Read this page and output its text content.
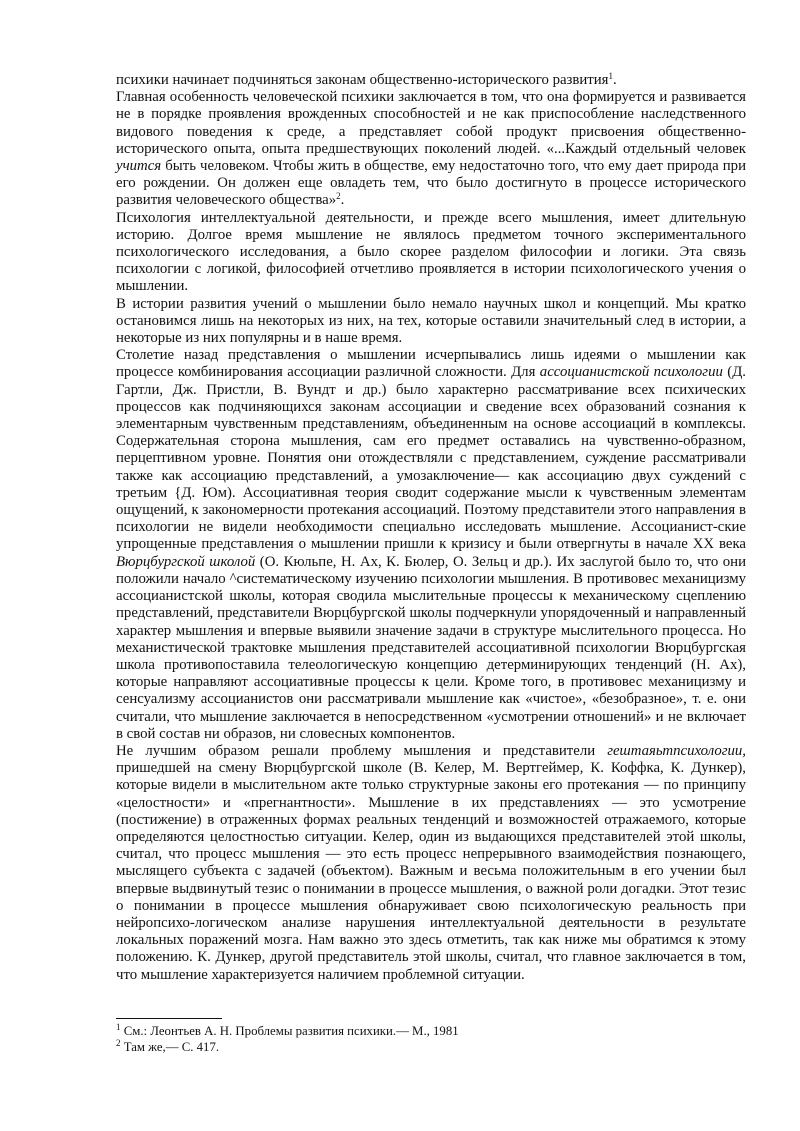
психики начинает подчиняться законам общественно-исторического развития$^1$.

Главная особенность человеческой психики заключается в том, что она формируется и развивается не в порядке проявления врожденных способностей и не как приспособление наследственного видового поведения к среде, а представляет собой продукт присвоения общественно-исторического опыта, опыта предшествующих поколений людей. «...Каждый отдельный человек учится быть человеком. Чтобы жить в обществе, ему недостаточно того, что ему дает природа при его рождении. Он должен еще овладеть тем, что было достигнуто в процессе исторического развития человеческого общества»$^2$.

Психология интеллектуальной деятельности, и прежде всего мышления, имеет длительную историю. Долгое время мышление не являлось предметом точного экспериментального психологического исследования, а было скорее разделом философии и логики. Эта связь психологии с логикой, философией отчетливо проявляется в истории психологического учения о мышлении.

В истории развития учений о мышлении было немало научных школ и концепций. Мы кратко остановимся лишь на некоторых из них, на тех, которые оставили значительный след в истории, а некоторые из них популярны и в наше время.

Столетие назад представления о мышлении исчерпывались лишь идеями о мышлении как процессе комбинирования ассоциации различной сложности. Для ассоцианистской психологии (Д. Гартли, Дж. Пристли, В. Вундт и др.) было характерно рассматривание всех психических процессов как подчиняющихся законам ассоциации и сведение всех образований сознания к элементарным чувственным представлениям, объединенным на основе ассоциаций в комплексы. Содержательная сторона мышления, сам его предмет оставались на чувственно-образном, перцептивном уровне. Понятия они отождествляли с представлением, суждение рассматривали также как ассоциацию представлений, а умозаключение— как ассоциацию двух суждений с третьим {Д. Юм). Ассоциативная теория сводит содержание мысли к чувственным элементам ощущений, к закономерности протекания ассоциаций. Поэтому представители этого направления в психологии не видели необходимости специально исследовать мышление. Ассоцианист-ские упрощенные представления о мышлении пришли к кризису и были отвергнуты в начале XX века Вюрцбургской школой (О. Кюльпе, Н. Ах, К. Бюлер, О. Зельц и др.). Их заслугой было то, что они положили начало ^систематическому изучению психологии мышления. В противовес механицизму ассоцианистской школы, которая сводила мыслительные процессы к механическому сцеплению представлений, представители Вюрцбургской школы подчеркнули упорядоченный и направленный характер мышления и впервые выявили значение задачи в структуре мыслительного процесса. Но механистической трактовке мышления представителей ассоциативной психологии Вюрцбургская школа противопоставила телеологическую концепцию детерминирующих тенденций (Н. Ах), которые направляют ассоциативные процессы к цели. Кроме того, в противовес механицизму и сенсуализму ассоцианистов они рассматривали мышление как «чистое», «безобразное», т. е. они считали, что мышление заключается в непосредственном «усмотрении отношений» и не включает в свой состав ни образов, ни словесных компонентов.

Не лучшим образом решали проблему мышления и представители гештаяьтпсихологии, пришедшей на смену Вюрцбургской школе (В. Келер, М. Вертгеймер, К. Коффка, К. Дункер), которые видели в мыслительном акте только структурные законы его протекания — по принципу «целостности» и «прегнантности». Мышление в их представлениях — это усмотрение (постижение) в отраженных формах реальных тенденций и возможностей отражаемого, которые определяются целостностью ситуации. Келер, один из выдающихся представителей этой школы, считал, что процесс мышления — это есть процесс непрерывного взаимодействия познающего, мыслящего субъекта с задачей (объектом). Важным и весьма положительным в его учении был впервые выдвинутый тезис о понимании в процессе мышления, о важной роли догадки. Этот тезис о понимании в процессе мышления обнаруживает свою психологическую реальность при нейропсихо-логическом анализе нарушения интеллектуальной деятельности в результате локальных поражений мозга. Нам важно это здесь отметить, так как ниже мы обратимся к этому положению. К. Дункер, другой представитель этой школы, считал, что главное заключается в том, что мышление характеризуется наличием проблемной ситуации.

$^1$ См.: Леонтьев А. Н. Проблемы развития психики.— М., 1981

$^2$ Там же,— С. 417.
